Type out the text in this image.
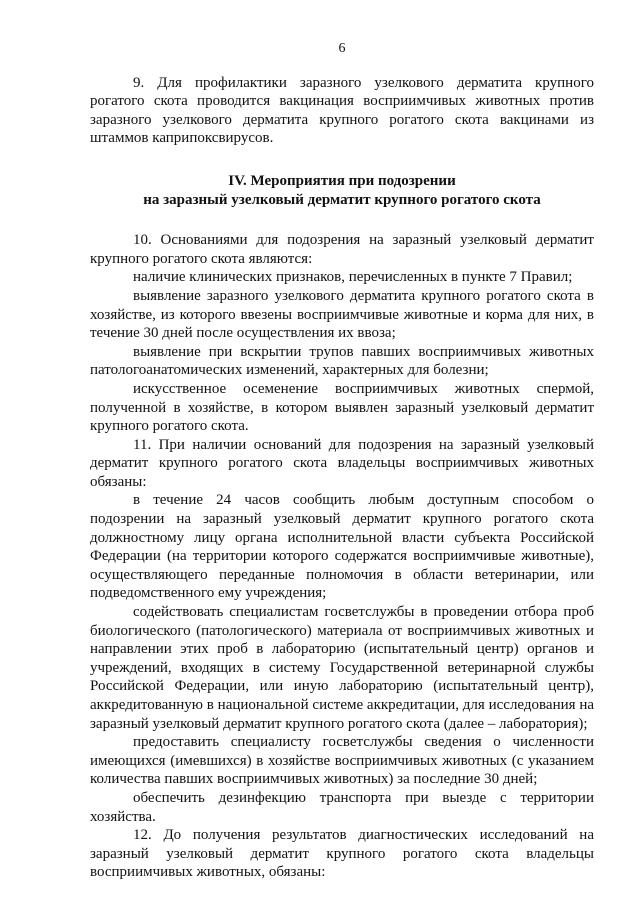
6

9. Для профилактики заразного узелкового дерматита крупного рогатого скота проводится вакцинация восприимчивых животных против заразного узелкового дерматита крупного рогатого скота вакцинами из штаммов каприпоксвирусов.

IV. Мероприятия при подозрении
на заразный узелковый дерматит крупного рогатого скота

10. Основаниями для подозрения на заразный узелковый дерматит крупного рогатого скота являются:

наличие клинических признаков, перечисленных в пункте 7 Правил;

выявление заразного узелкового дерматита крупного рогатого скота в хозяйстве, из которого ввезены восприимчивые животные и корма для них, в течение 30 дней после осуществления их ввоза;

выявление при вскрытии трупов павших восприимчивых животных патологоанатомических изменений, характерных для болезни;

искусственное осеменение восприимчивых животных спермой, полученной в хозяйстве, в котором выявлен заразный узелковый дерматит крупного рогатого скота.

11. При наличии оснований для подозрения на заразный узелковый дерматит крупного рогатого скота владельцы восприимчивых животных обязаны:

в течение 24 часов сообщить любым доступным способом о подозрении на заразный узелковый дерматит крупного рогатого скота должностному лицу органа исполнительной власти субъекта Российской Федерации (на территории которого содержатся восприимчивые животные), осуществляющего переданные полномочия в области ветеринарии, или подведомственного ему учреждения;

содействовать специалистам госветслужбы в проведении отбора проб биологического (патологического) материала от восприимчивых животных и направлении этих проб в лабораторию (испытательный центр) органов и учреждений, входящих в систему Государственной ветеринарной службы Российской Федерации, или иную лабораторию (испытательный центр), аккредитованную в национальной системе аккредитации, для исследования на заразный узелковый дерматит крупного рогатого скота (далее – лаборатория);

предоставить специалисту госветслужбы сведения о численности имеющихся (имевшихся) в хозяйстве восприимчивых животных (с указанием количества павших восприимчивых животных) за последние 30 дней;

обеспечить дезинфекцию транспорта при выезде с территории хозяйства.

12. До получения результатов диагностических исследований на заразный узелковый дерматит крупного рогатого скота владельцы восприимчивых животных, обязаны:
